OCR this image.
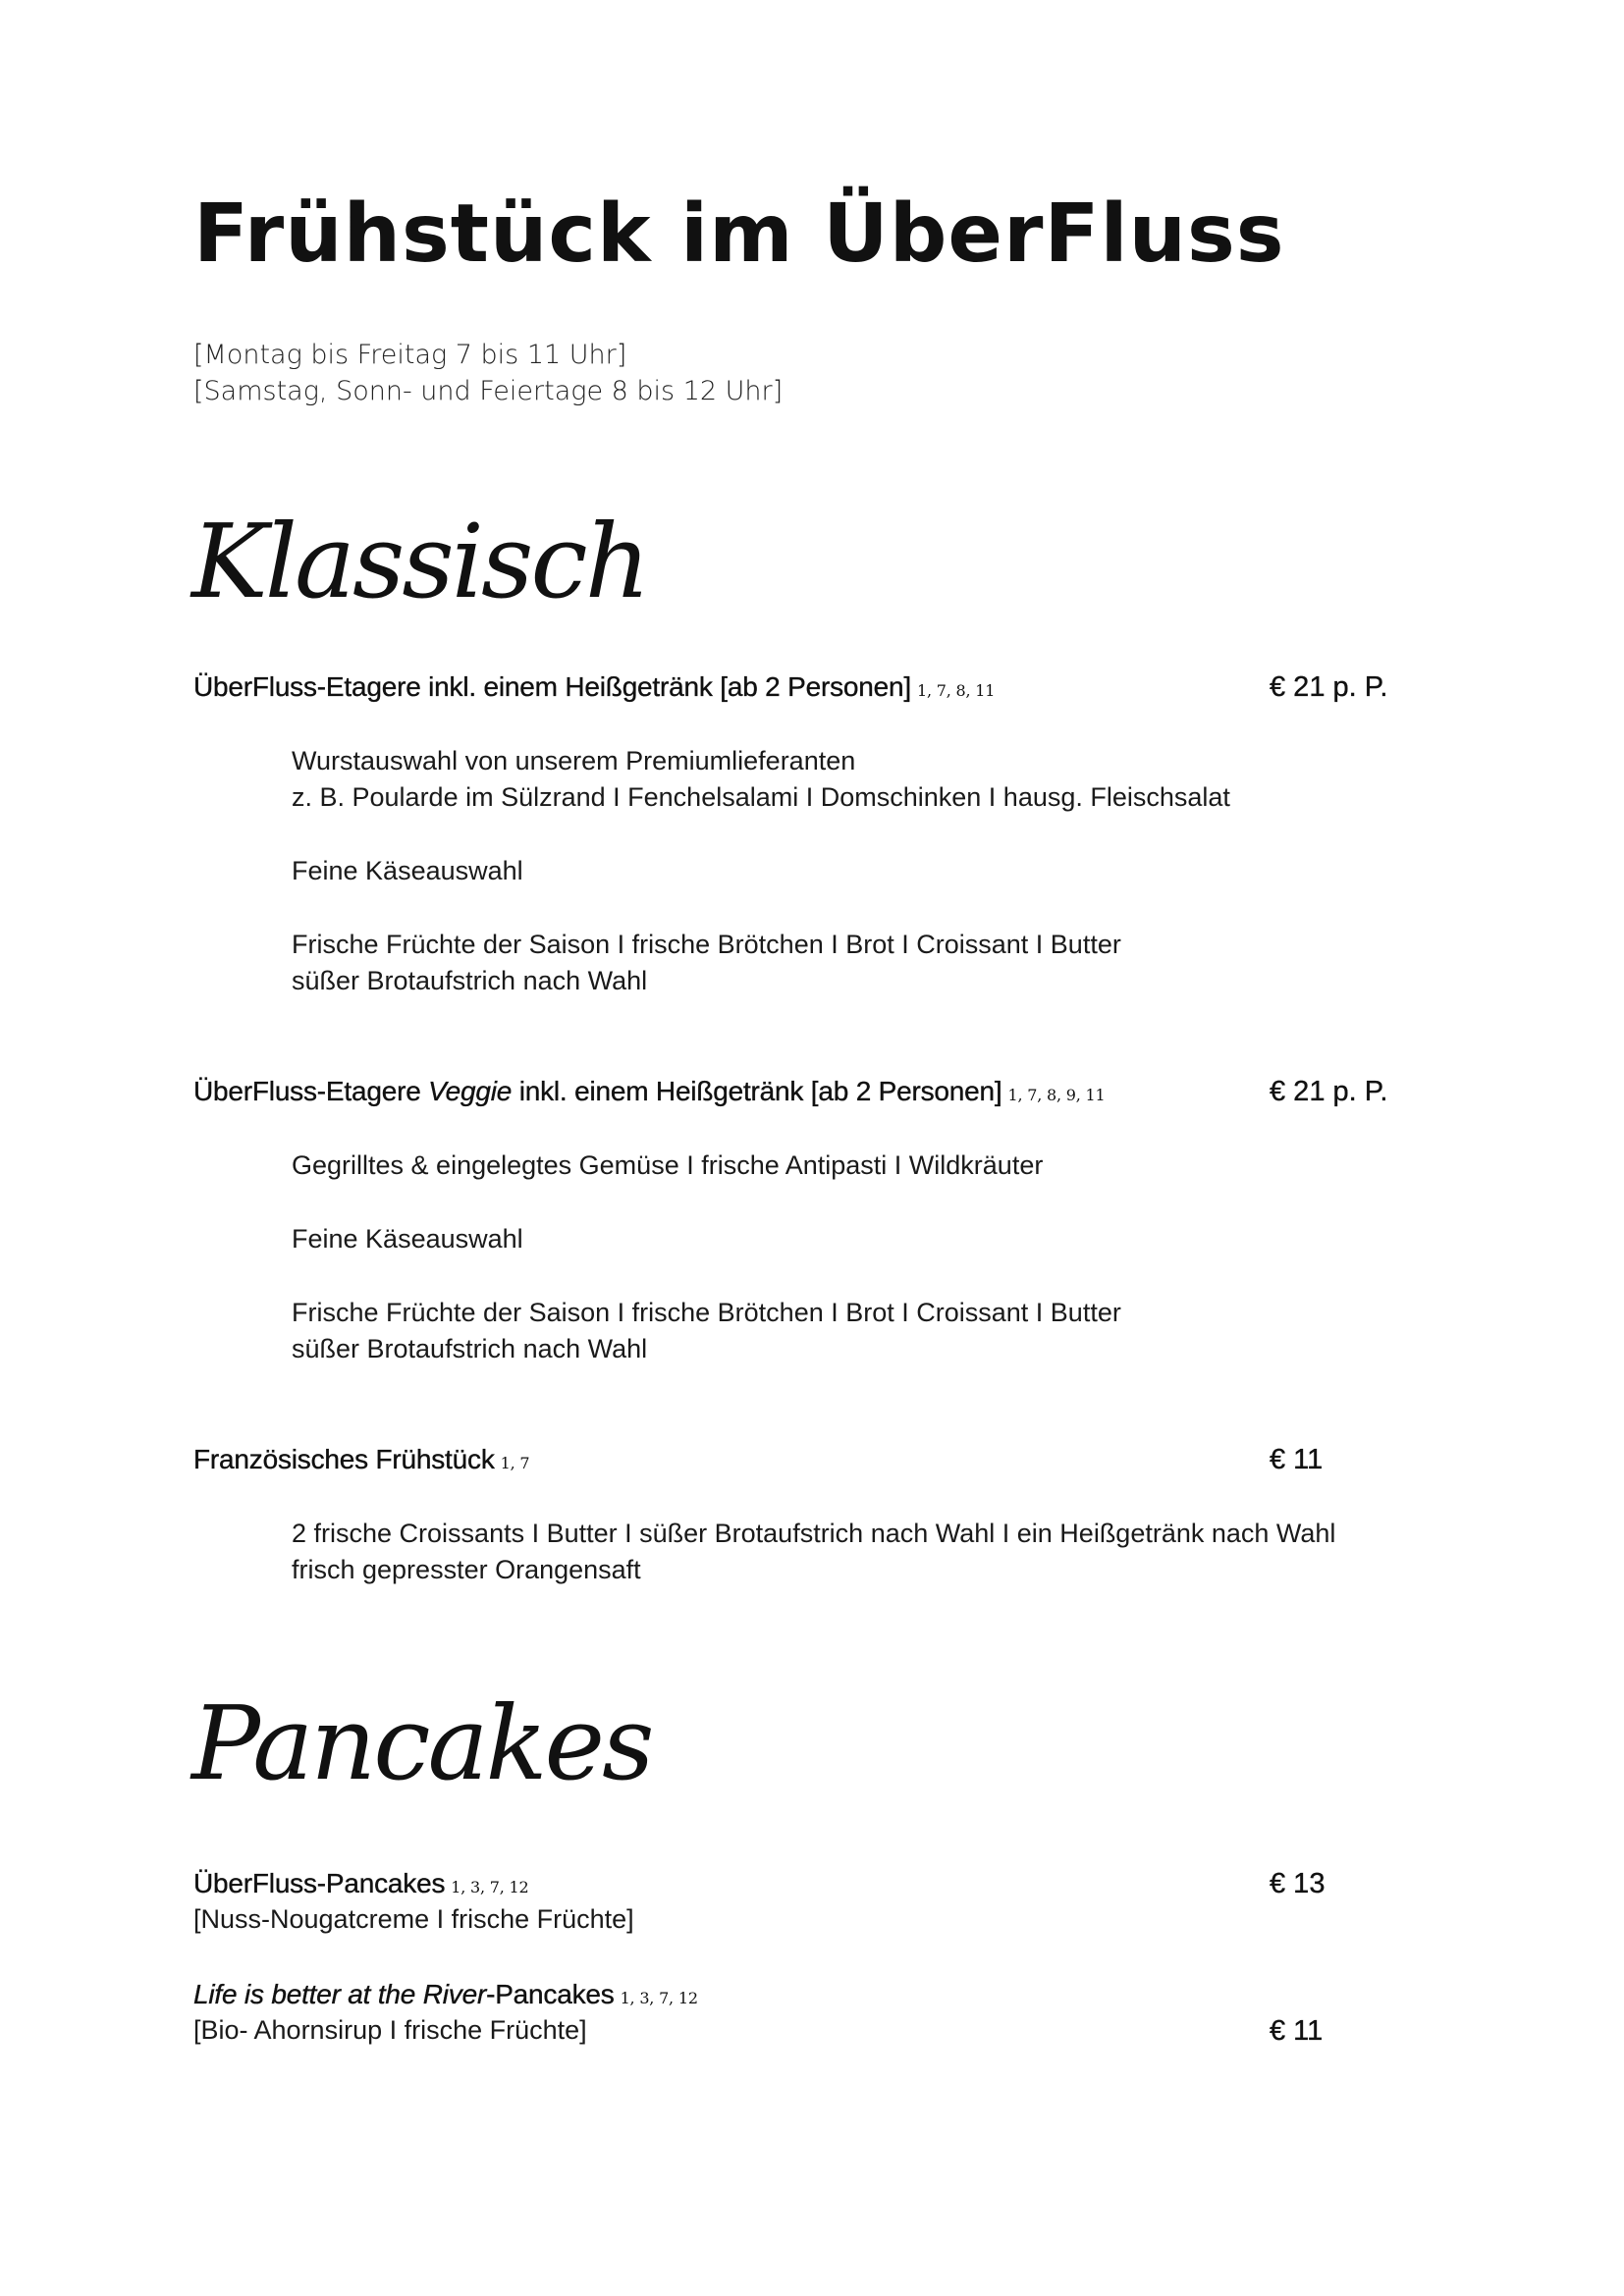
Frühstück im ÜberFluss
[Montag bis Freitag 7 bis 11 Uhr]
[Samstag, Sonn- und Feiertage 8 bis 12 Uhr]
Klassisch
ÜberFluss-Etagere inkl. einem Heißgetränk [ab 2 Personen] 1, 7, 8, 11	€ 21 p. P.
Wurstauswahl von unserem Premiumlieferanten
z. B. Poularde im Sülzrand I Fenchelsalami I Domschinken I hausg. Fleischsalat
Feine Käseauswahl
Frische Früchte der Saison I frische Brötchen I Brot I Croissant I Butter
süßer Brotaufstrich nach Wahl
ÜberFluss-Etagere Veggie inkl. einem Heißgetränk [ab 2 Personen] 1, 7, 8, 9, 11	€ 21 p. P.
Gegrilltes & eingelegtes Gemüse I frische Antipasti I Wildkräuter
Feine Käseauswahl
Frische Früchte der Saison I frische Brötchen I Brot I Croissant I Butter
süßer Brotaufstrich nach Wahl
Französisches Frühstück 1, 7	€ 11
2 frische Croissants I Butter I süßer Brotaufstrich nach Wahl I ein Heißgetränk nach Wahl
frisch gepresster Orangensaft
Pancakes
ÜberFluss-Pancakes 1, 3, 7, 12	€ 13
[Nuss-Nougatcreme I frische Früchte]
Life is better at the River-Pancakes 1, 3, 7, 12
[Bio- Ahornsirup I frische Früchte]	€ 11
